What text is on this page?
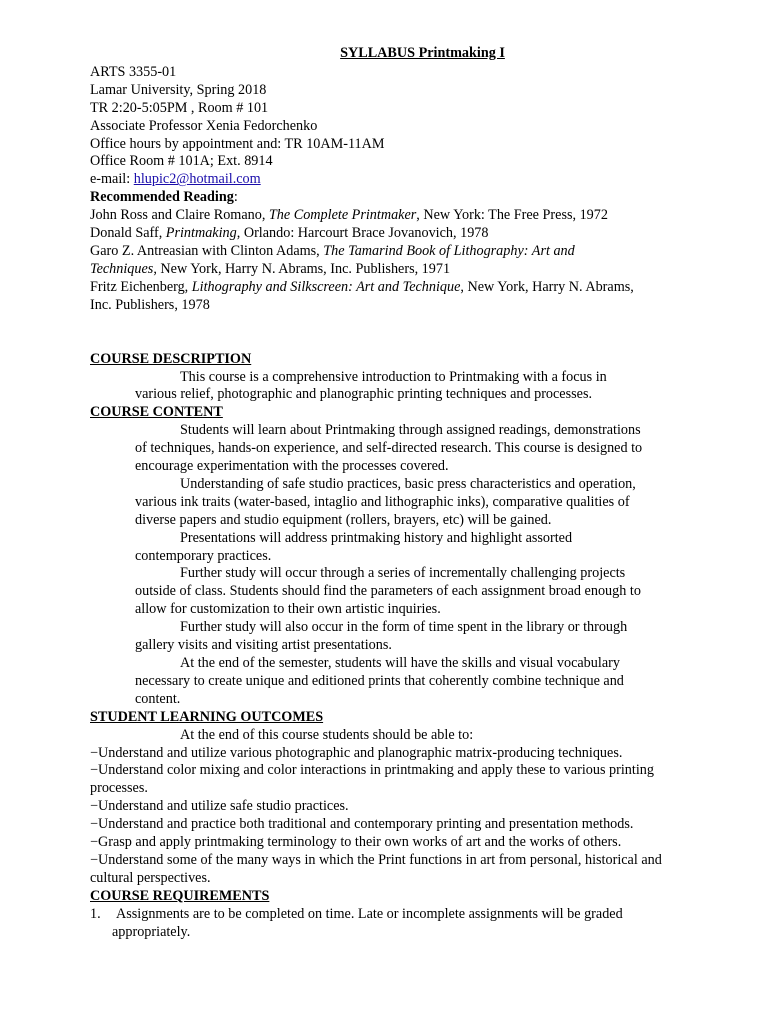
SYLLABUS Printmaking I
ARTS 3355-01
Lamar University, Spring 2018
TR 2:20-5:05PM , Room # 101
Associate Professor Xenia Fedorchenko
Office hours by appointment and: TR 10AM-11AM
Office Room # 101A; Ext. 8914
e-mail: hlupic2@hotmail.com
Recommended Reading:
John Ross and Claire Romano, The Complete Printmaker, New York: The Free Press, 1972
Donald Saff, Printmaking, Orlando: Harcourt Brace Jovanovich, 1978
Garo Z. Antreasian with Clinton Adams, The Tamarind Book of Lithography: Art and
Techniques, New York, Harry N. Abrams, Inc. Publishers, 1971
Fritz Eichenberg, Lithography and Silkscreen: Art and Technique, New York, Harry N. Abrams,
Inc. Publishers, 1978
COURSE DESCRIPTION
This course is a comprehensive introduction to Printmaking with a focus in
various relief, photographic and planographic printing techniques and processes.
COURSE CONTENT
Students will learn about Printmaking through assigned readings, demonstrations
of techniques, hands-on experience, and self-directed research. This course is designed to
encourage experimentation with the processes covered.
Understanding of safe studio practices, basic press characteristics and operation,
various ink traits (water-based, intaglio and lithographic inks), comparative qualities of
diverse papers and studio equipment (rollers, brayers, etc) will be gained.
Presentations will address printmaking history and highlight assorted
contemporary practices.
Further study will occur through a series of incrementally challenging projects
outside of class. Students should find the parameters of each assignment broad enough to
allow for customization to their own artistic inquiries.
Further study will also occur in the form of time spent in the library or through
gallery visits and visiting artist presentations.
At the end of the semester, students will have the skills and visual vocabulary
necessary to create unique and editioned prints that coherently combine technique and
content.
STUDENT LEARNING OUTCOMES
At the end of this course students should be able to:
−Understand and utilize various photographic and planographic matrix-producing techniques.
−Understand color mixing and color interactions in printmaking and apply these to various printing
processes.
−Understand and utilize safe studio practices.
−Understand and practice both traditional and contemporary printing and presentation methods.
−Grasp and apply printmaking terminology to their own works of art and the works of others.
−Understand some of the many ways in which the Print functions in art from personal, historical and
cultural perspectives.
COURSE REQUIREMENTS
1. Assignments are to be completed on time. Late or incomplete assignments will be graded
appropriately.
